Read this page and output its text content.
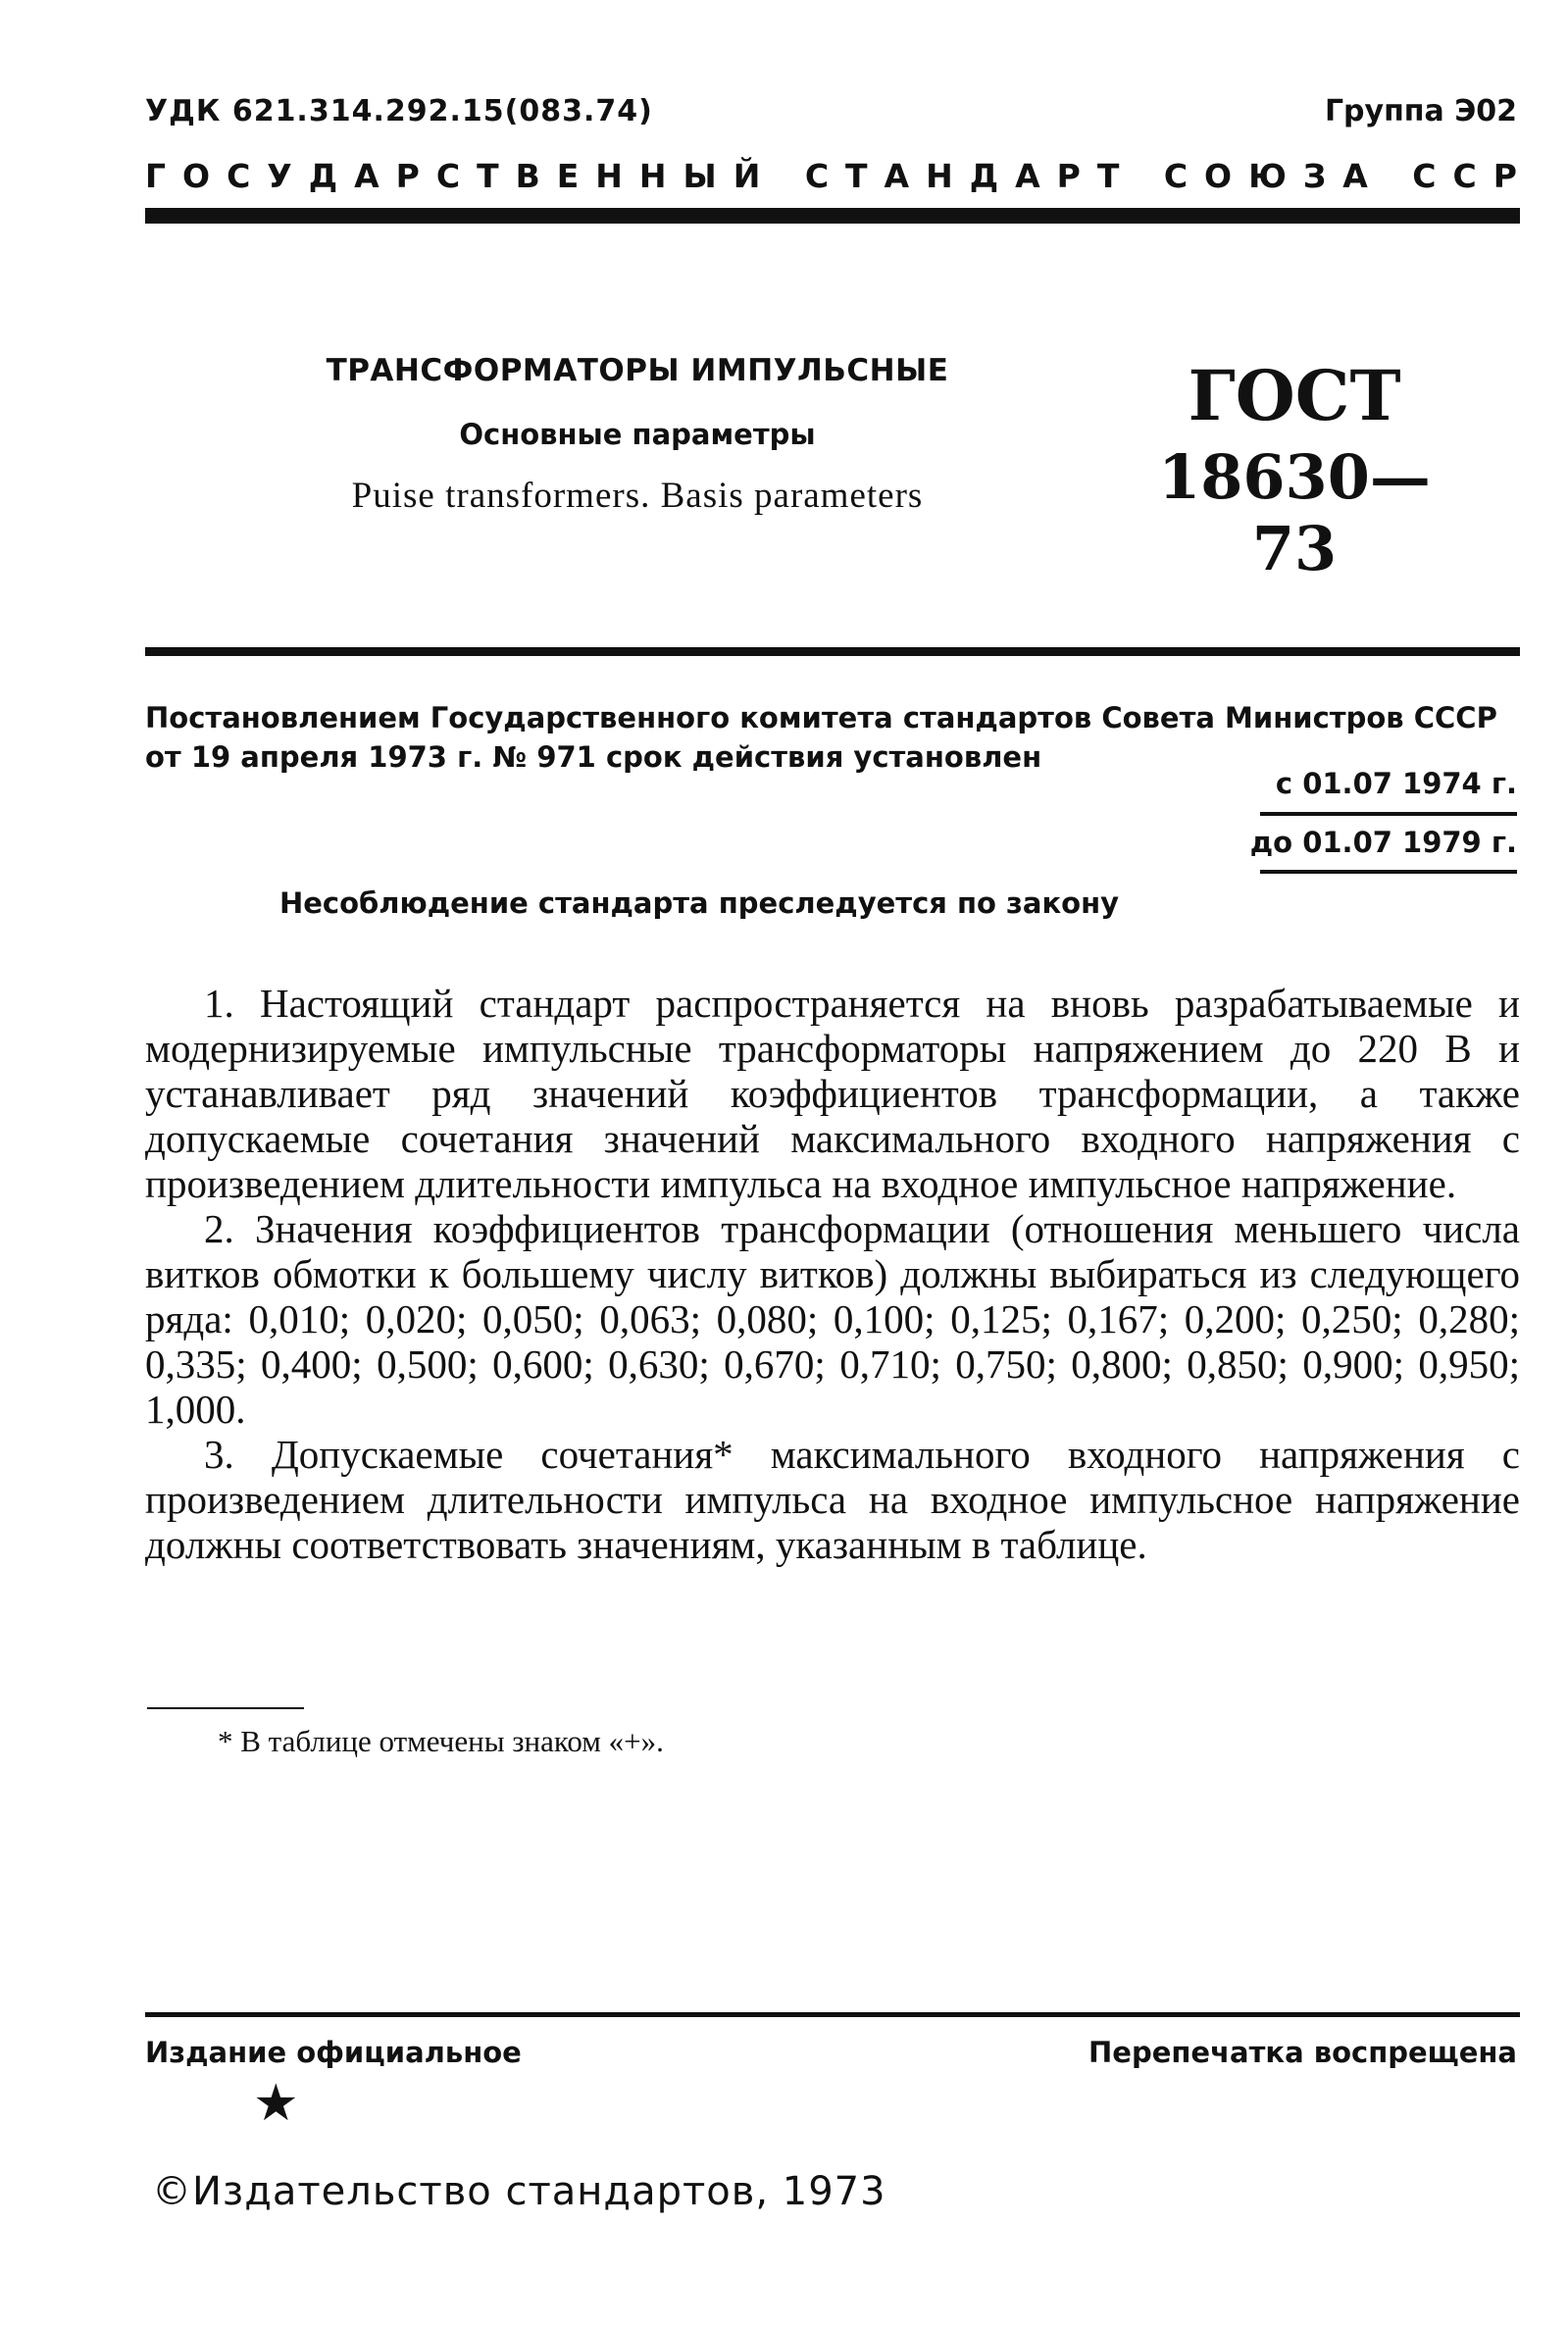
УДК 621.314.292.15(083.74)	Группа Э02
ГОСУДАРСТВЕННЫЙ СТАНДАРТ СОЮЗА ССР
ТРАНСФОРМАТОРЫ ИМПУЛЬСНЫЕ
Основные параметры
Puise transformers. Basis parameters
ГОСТ
18630—73
Постановлением Государственного комитета стандартов Совета Министров СССР от 19 апреля 1973 г. № 971 срок действия установлен
с 01.07 1974 г.
до 01.07 1979 г.
Несоблюдение стандарта преследуется по закону

1. Настоящий стандарт распространяется на вновь разрабатываемые и модернизируемые импульсные трансформаторы напряжением до 220 В и устанавливает ряд значений коэффициентов трансформации, а также допускаемые сочетания значений максимального входного напряжения с произведением длительности импульса на входное импульсное напряжение.

2. Значения коэффициентов трансформации (отношения меньшего числа витков обмотки к большему числу витков) должны выбираться из следующего ряда: 0,010; 0,020; 0,050; 0,063; 0,080; 0,100; 0,125; 0,167; 0,200; 0,250; 0,280; 0,335; 0,400; 0,500; 0,600; 0,630; 0,670; 0,710; 0,750; 0,800; 0,850; 0,900; 0,950; 1,000.

3. Допускаемые сочетания* максимального входного напряжения с произведением длительности импульса на входное импульсное напряжение должны соответствовать значениям, указанным в таблице.

* В таблице отмечены знаком «+».
Издание официальное	Перепечатка воспрещена
★
©Издательство стандартов, 1973
